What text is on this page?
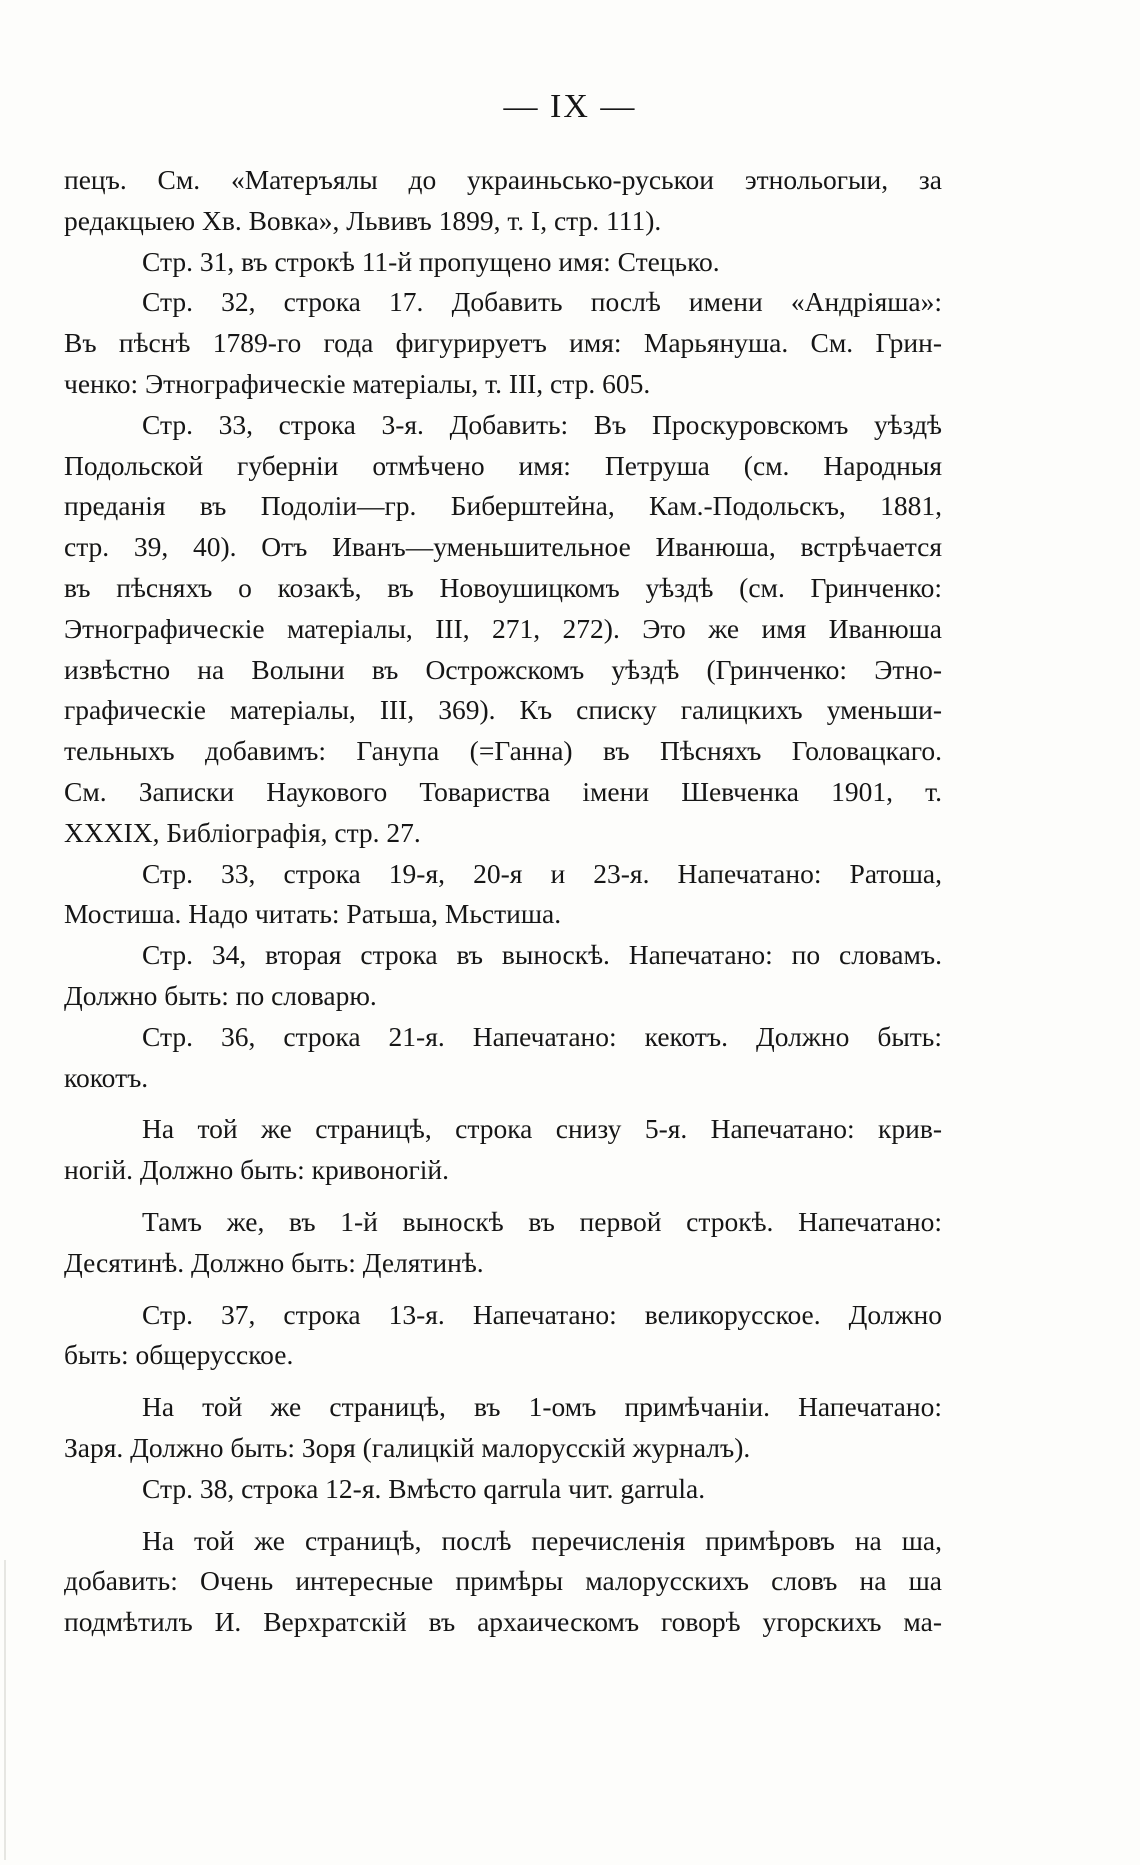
— IX —
пецъ. См. «Матеръялы до украиньсько-руськои этнольогыи, за
редакцыею Хв. Вовка», Львивъ 1899, т. I, стр. 111).
Стр. 31, въ строкѣ 11-й пропущено имя: Стецько.
Стр. 32, строка 17. Добавить послѣ имени «Андріяша»:
Въ пѣснѣ 1789-го года фигурируетъ имя: Марьянуша. См. Грин-
ченко: Этнографическіе матеріалы, т. III, стр. 605.
Стр. 33, строка 3-я. Добавить: Въ Проскуровскомъ уѣздѣ
Подольской губерніи отмѣчено имя: Петруша (см. Народныя
преданія въ Подоліи—гр. Биберштейна, Кам.-Подольскъ, 1881,
стр. 39, 40). Отъ Иванъ—уменьшительное Иванюша, встрѣчается
въ пѣсняхъ о козакѣ, въ Новоушицкомъ уѣздѣ (см. Гринченко:
Этнографическіе матеріалы, III, 271, 272). Это же имя Иванюша
извѣстно на Волыни въ Острожскомъ уѣздѣ (Гринченко: Этно-
графическіе матеріалы, III, 369). Къ списку галицкихъ уменьши-
тельныхъ добавимъ: Ганупа (=Ганна) въ Пѣсняхъ Головацкаго.
См. Записки Наукового Товариства імени Шевченка 1901, т.
XXXIX, Библіографія, стр. 27.
Стр. 33, строка 19-я, 20-я и 23-я. Напечатано: Ратоша,
Мостиша. Надо читать: Ратьша, Мьстиша.
Стр. 34, вторая строка въ выноскѣ. Напечатано: по словамъ.
Должно быть: по словарю.
Стр. 36, строка 21-я. Напечатано: кекотъ. Должно быть:
кокотъ.
На той же страницѣ, строка снизу 5-я. Напечатано: крив-
ногій. Должно быть: кривоногій.
Тамъ же, въ 1-й выноскѣ въ первой строкѣ. Напечатано:
Десятинѣ. Должно быть: Делятинѣ.
Стр. 37, строка 13-я. Напечатано: великорусское. Должно
быть: общерусское.
На той же страницѣ, въ 1-омъ примѣчаніи. Напечатано:
Заря. Должно быть: Зоря (галицкій малорусскій журналъ).
Стр. 38, строка 12-я. Вмѣсто qarrula чит. garrula.
На той же страницѣ, послѣ перечисленія примѣровъ на ша,
добавить: Очень интересные примѣры малорусскихъ словъ на ша
подмѣтилъ И. Верхратскій въ архаическомъ говорѣ угорскихъ ма-
